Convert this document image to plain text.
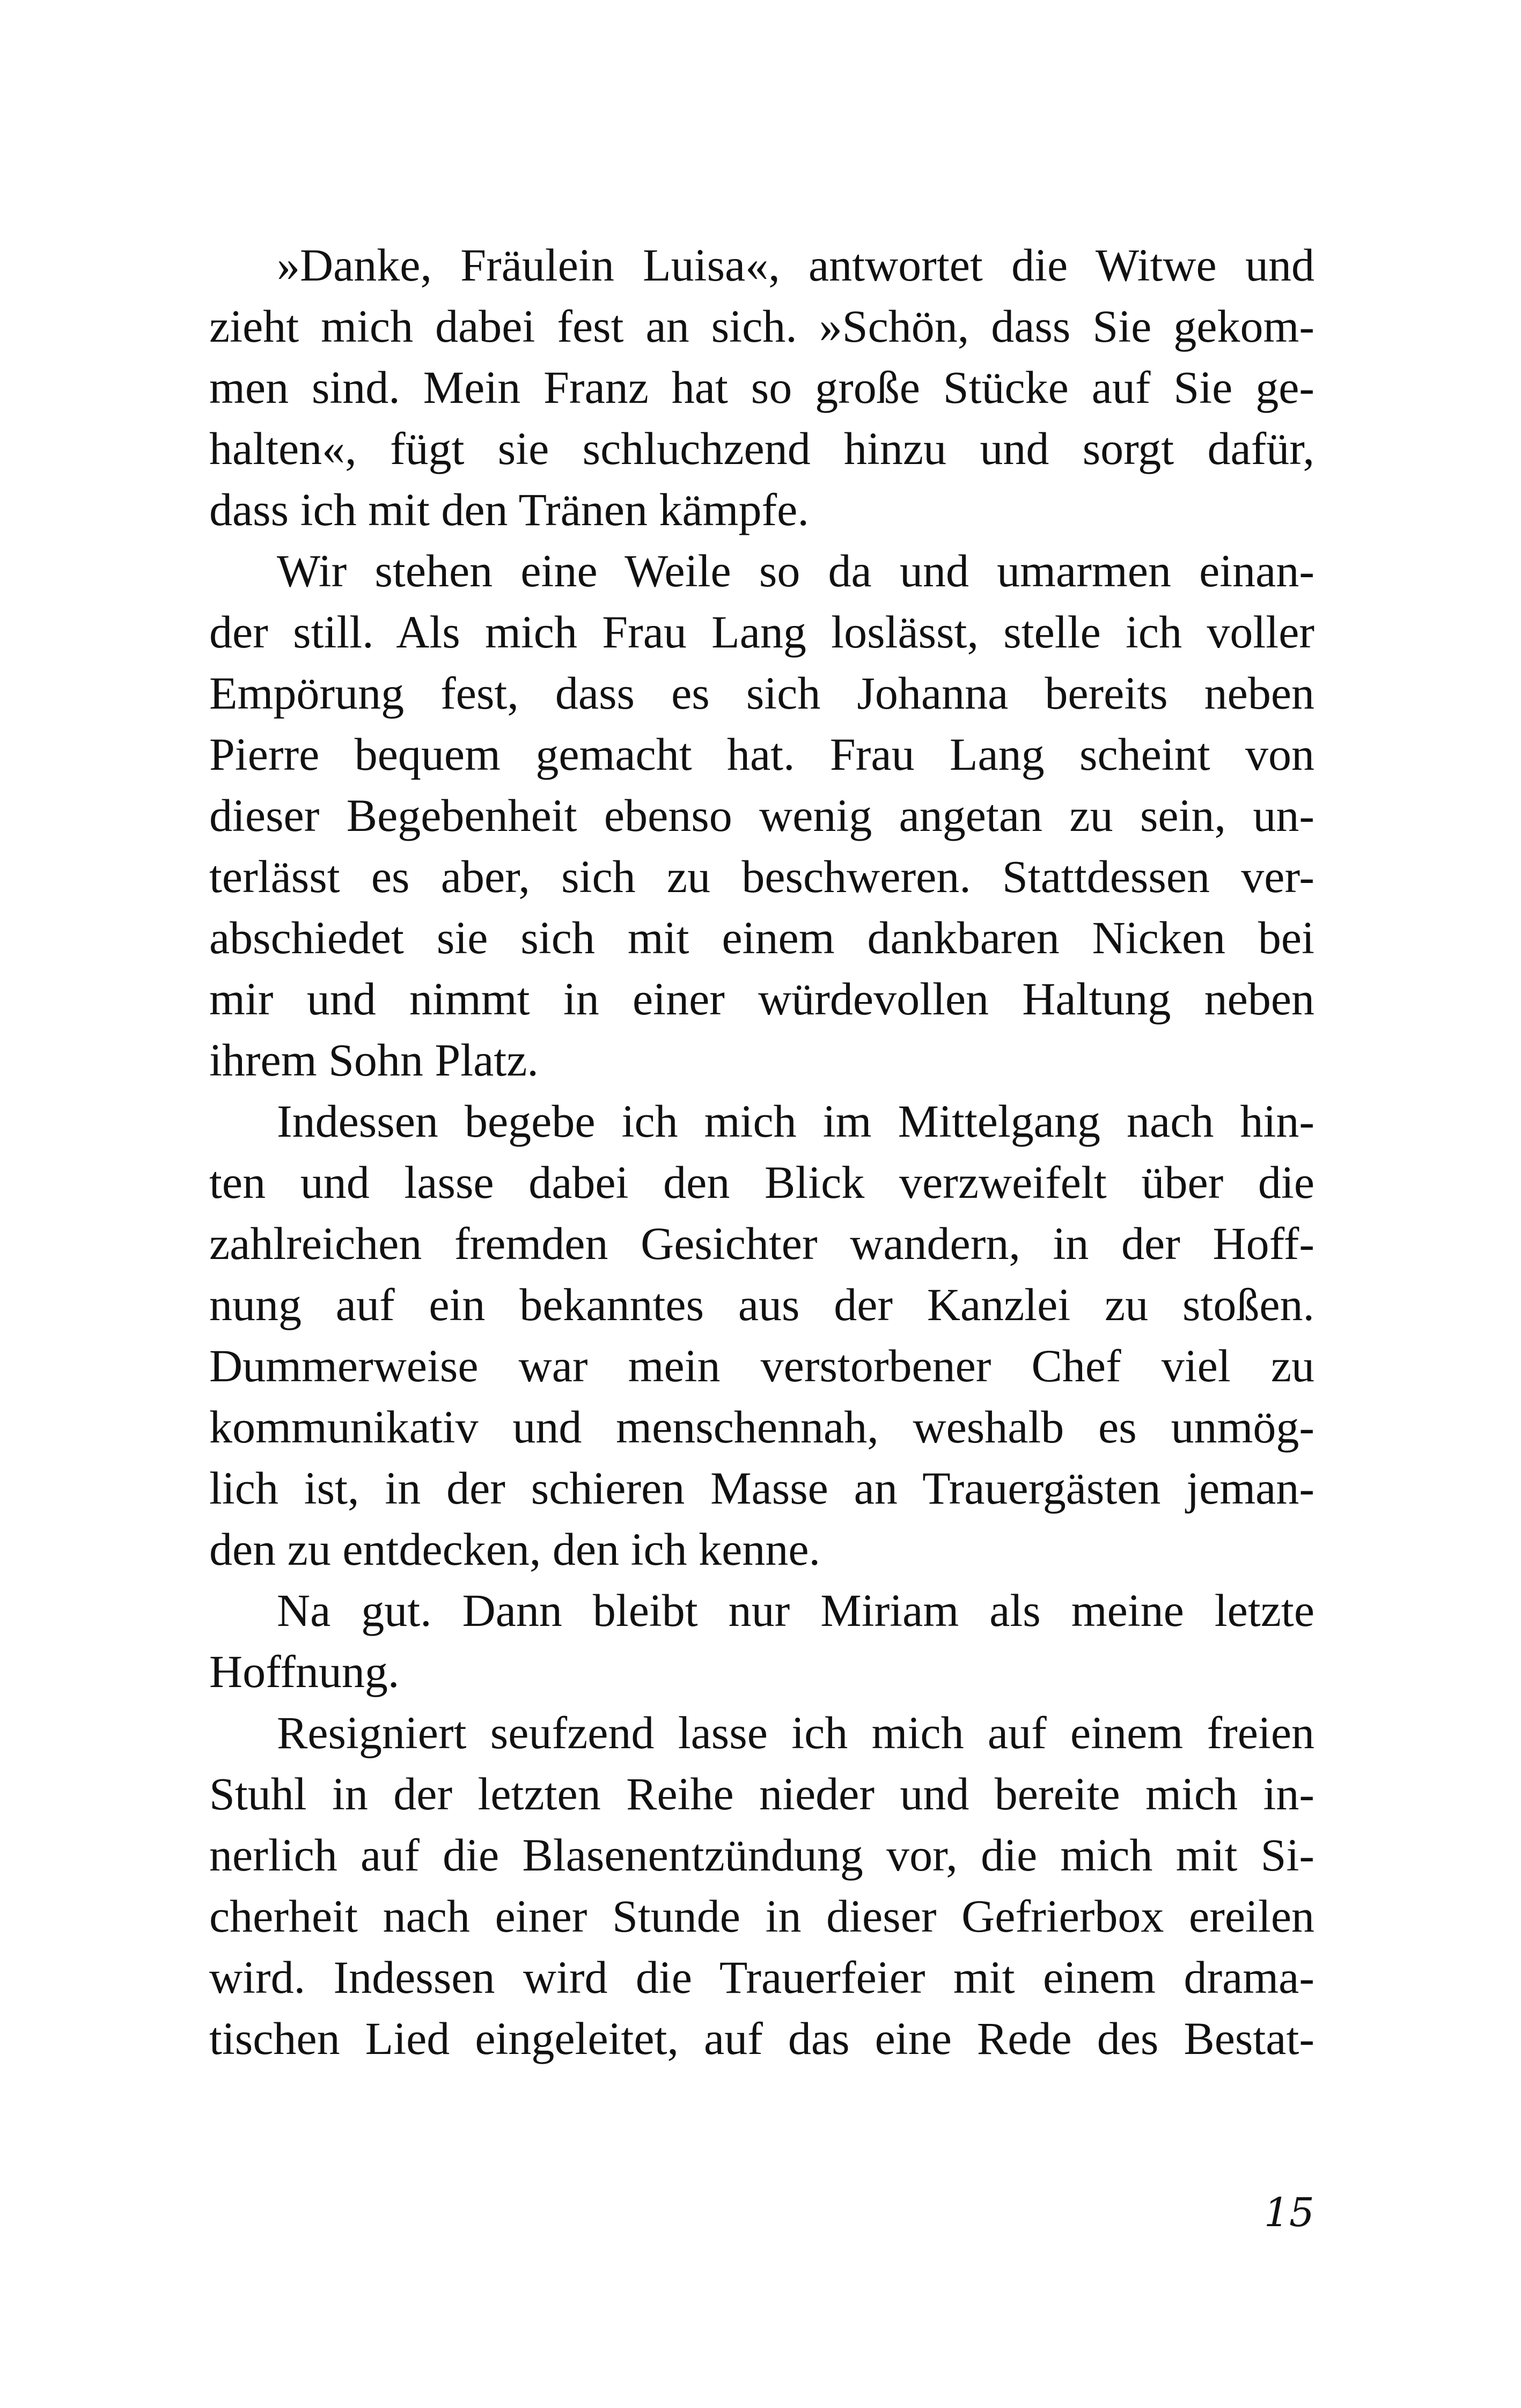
»Danke, Fräulein Luisa«, antwortet die Witwe und
zieht mich dabei fest an sich. »Schön, dass Sie gekom-
men sind. Mein Franz hat so große Stücke auf Sie ge-
halten«, fügt sie schluchzend hinzu und sorgt dafür,
dass ich mit den Tränen kämpfe.
Wir stehen eine Weile so da und umarmen einan-
der still. Als mich Frau Lang loslässt, stelle ich voller
Empörung fest, dass es sich Johanna bereits neben
Pierre bequem gemacht hat. Frau Lang scheint von
dieser Begebenheit ebenso wenig angetan zu sein, un-
terlässt es aber, sich zu beschweren. Stattdessen ver-
abschiedet sie sich mit einem dankbaren Nicken bei
mir und nimmt in einer würdevollen Haltung neben
ihrem Sohn Platz.
Indessen begebe ich mich im Mittelgang nach hin-
ten und lasse dabei den Blick verzweifelt über die
zahlreichen fremden Gesichter wandern, in der Hoff-
nung auf ein bekanntes aus der Kanzlei zu stoßen.
Dummerweise war mein verstorbener Chef viel zu
kommunikativ und menschennah, weshalb es unmög-
lich ist, in der schieren Masse an Trauergästen jeman-
den zu entdecken, den ich kenne.
Na gut. Dann bleibt nur Miriam als meine letzte
Hoffnung.
Resigniert seufzend lasse ich mich auf einem freien
Stuhl in der letzten Reihe nieder und bereite mich in-
nerlich auf die Blasenentzündung vor, die mich mit Si-
cherheit nach einer Stunde in dieser Gefrierbox ereilen
wird. Indessen wird die Trauerfeier mit einem drama-
tischen Lied eingeleitet, auf das eine Rede des Bestat-
15
